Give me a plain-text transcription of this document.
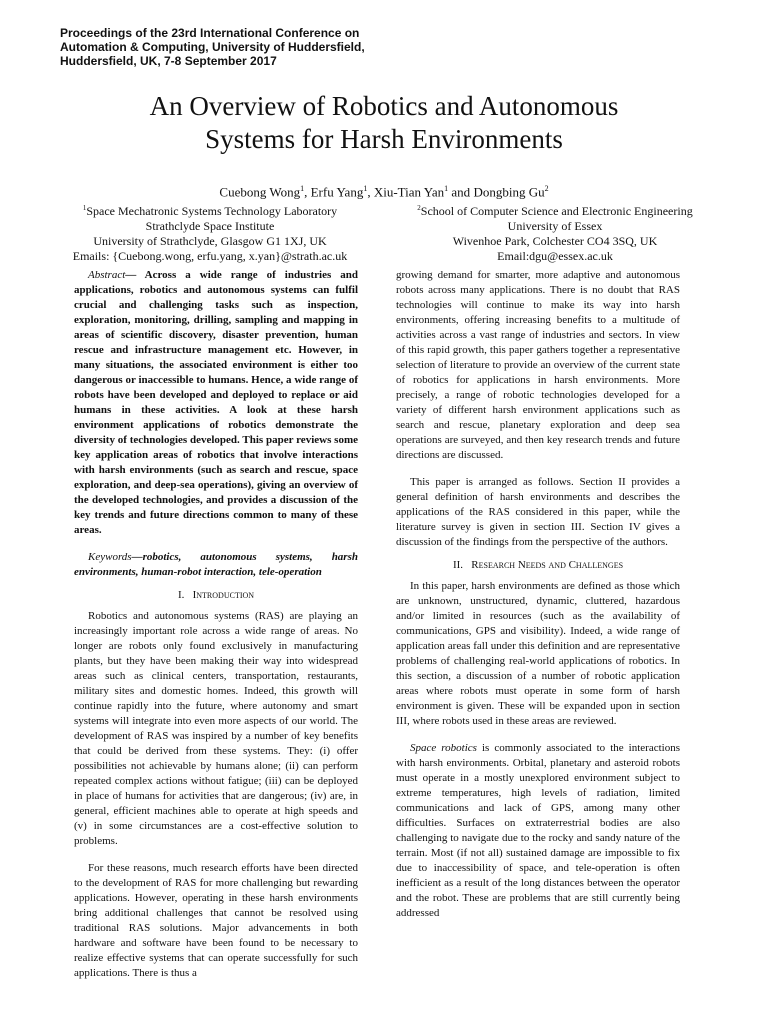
Proceedings of the 23rd International Conference on
Automation & Computing, University of Huddersfield,
Huddersfield, UK, 7-8 September 2017
An Overview of Robotics and Autonomous
Systems for Harsh Environments
Cuebong Wong$^1$, Erfu Yang$^1$, Xiu-Tian Yan$^1$ and Dongbing Gu$^2$
$^1$Space Mechatronic Systems Technology Laboratory
Strathclyde Space Institute
University of Strathclyde, Glasgow G1 1XJ, UK
Emails: {Cuebong.wong, erfu.yang, x.yan}@strath.ac.uk
$^2$School of Computer Science and Electronic Engineering
University of Essex
Wivenhoe Park, Colchester CO4 3SQ, UK
Email:dgu@essex.ac.uk

Abstract— Across a wide range of industries and applications, robotics and autonomous systems can fulfil crucial and challenging tasks such as inspection, exploration, monitoring, drilling, sampling and mapping in areas of scientific discovery, disaster prevention, human rescue and infrastructure management etc. However, in many situations, the associated environment is either too dangerous or inaccessible to humans. Hence, a wide range of robots have been developed and deployed to replace or aid humans in these activities. A look at these harsh environment applications of robotics demonstrate the diversity of technologies developed. This paper reviews some key application areas of robotics that involve interactions with harsh environments (such as search and rescue, space exploration, and deep-sea operations), giving an overview of the developed technologies, and provides a discussion of the key trends and future directions common to many of these areas.

Keywords—robotics, autonomous systems, harsh environments, human-robot interaction, tele-operation

I. Introduction

Robotics and autonomous systems (RAS) are playing an increasingly important role across a wide range of areas. No longer are robots only found exclusively in manufacturing plants, but they have been making their way into widespread areas such as clinical centers, transportation, restaurants, military sites and domestic homes. Indeed, this growth will continue rapidly into the future, where autonomy and smart systems will integrate into even more aspects of our world. The development of RAS was inspired by a number of key benefits that could be derived from these systems. They: (i) offer possibilities not achievable by humans alone; (ii) can perform repeated complex actions without fatigue; (iii) can be deployed in place of humans for activities that are dangerous; (iv) are, in general, efficient machines able to operate at high speeds and (v) in some circumstances are a cost-effective solution to problems.

For these reasons, much research efforts have been directed to the development of RAS for more challenging but rewarding applications. However, operating in these harsh environments bring additional challenges that cannot be resolved using traditional RAS solutions. Major advancements in both hardware and software have been found to be necessary to realize effective systems that can operate successfully for such applications. There is thus a

growing demand for smarter, more adaptive and autonomous robots across many applications. There is no doubt that RAS technologies will continue to make its way into harsh environments, offering increasing benefits to a multitude of activities across a vast range of industries and sectors. In view of this rapid growth, this paper gathers together a representative selection of literature to provide an overview of the current state of robotics for applications in harsh environments. More precisely, a range of robotic technologies developed for a variety of different harsh environment applications such as search and rescue, planetary exploration and deep sea operations are surveyed, and then key research trends and future directions are discussed.

This paper is arranged as follows. Section II provides a general definition of harsh environments and describes the applications of the RAS considered in this paper, while the literature survey is given in section III. Section IV gives a discussion of the findings from the perspective of the authors.

II. Research Needs and Challenges

In this paper, harsh environments are defined as those which are unknown, unstructured, dynamic, cluttered, hazardous and/or limited in resources (such as the availability of communications, GPS and visibility). Indeed, a wide range of application areas fall under this definition and are representative problems of challenging real-world applications of robotics. In this section, a discussion of a number of robotic application areas where robots must operate in some form of harsh environment is given. These will be expanded upon in section III, where robots used in these areas are reviewed.

Space robotics is commonly associated to the interactions with harsh environments. Orbital, planetary and asteroid robots must operate in a mostly unexplored environment subject to extreme temperatures, high levels of radiation, limited communications and lack of GPS, among many other difficulties. Surfaces on extraterrestrial bodies are also challenging to navigate due to the rocky and sandy nature of the terrain. Most (if not all) sustained damage are impossible to fix due to inaccessibility of space, and tele-operation is often inefficient as a result of the long distances between the operator and the robot. These are problems that are still currently being addressed
